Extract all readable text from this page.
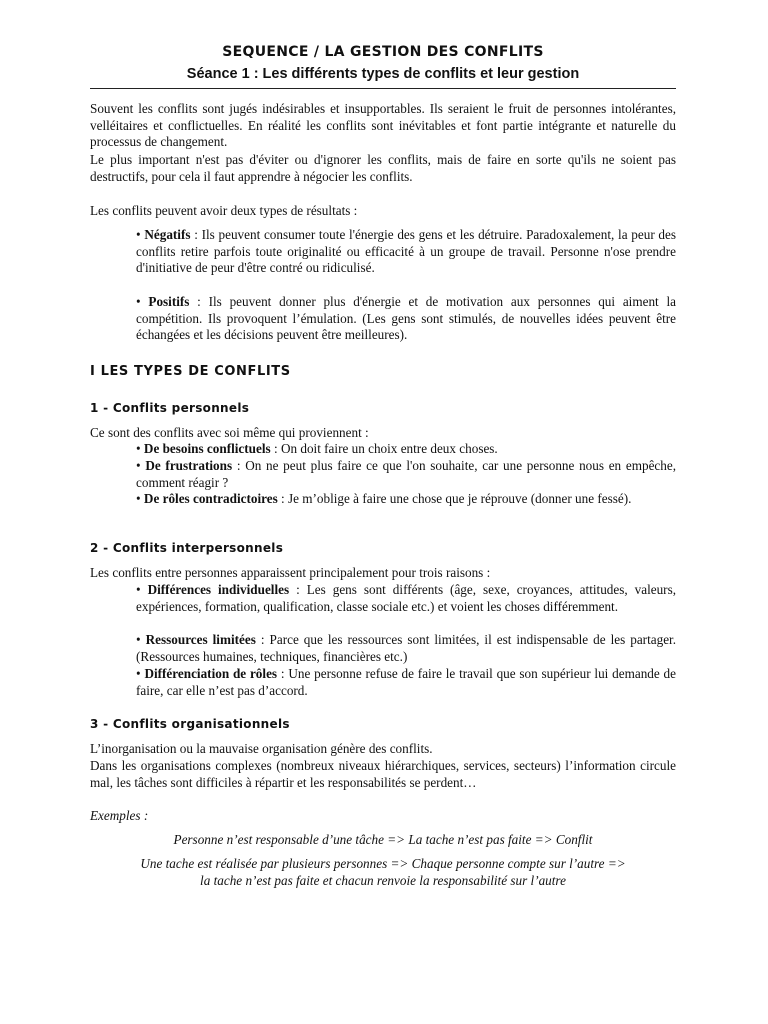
SEQUENCE / LA GESTION DES CONFLITS
Séance 1 : Les différents types de conflits et leur gestion
Souvent les conflits sont jugés indésirables et insupportables. Ils seraient le fruit de personnes intolérantes, velléitaires et conflictuelles. En réalité les conflits sont inévitables et font partie intégrante et naturelle du processus de changement.
Le plus important n'est pas d'éviter ou d'ignorer les conflits, mais de faire en sorte qu'ils ne soient pas destructifs, pour cela il faut apprendre à négocier les conflits.
Les conflits peuvent avoir deux types de résultats :
• Négatifs : Ils peuvent consumer toute l'énergie des gens et les détruire. Paradoxalement, la peur des conflits retire parfois toute originalité ou efficacité à un groupe de travail. Personne n'ose prendre d'initiative de peur d'être contré ou ridiculisé.
• Positifs : Ils peuvent donner plus d'énergie et de motivation aux personnes qui aiment la compétition. Ils provoquent l’émulation. (Les gens sont stimulés, de nouvelles idées peuvent être échangées et les décisions peuvent être meilleures).
I LES TYPES DE CONFLITS
1 - Conflits personnels
Ce sont des conflits avec soi même qui proviennent :
• De besoins conflictuels : On doit faire un choix entre deux choses.
• De frustrations : On ne peut plus faire ce que l'on souhaite, car une personne nous en empêche, comment réagir ?
• De rôles contradictoires : Je m’oblige à faire une chose que je réprouve (donner une fessé).
2 - Conflits interpersonnels
Les conflits entre personnes apparaissent principalement pour trois raisons :
• Différences individuelles : Les gens sont différents (âge, sexe, croyances, attitudes, valeurs, expériences, formation, qualification, classe sociale etc.) et voient les choses différemment.
• Ressources limitées : Parce que les ressources sont limitées, il est indispensable de les partager. (Ressources humaines, techniques, financières etc.)
• Différenciation de rôles : Une personne refuse de faire le travail que son supérieur lui demande de faire, car elle n’est pas d’accord.
3 - Conflits organisationnels
L’inorganisation ou la mauvaise organisation génère des conflits.
Dans les organisations complexes (nombreux niveaux hiérarchiques, services, secteurs) l’information circule mal, les tâches sont difficiles à répartir et les responsabilités se perdent…
Exemples :
Personne n’est responsable d’une tâche => La tache n’est pas faite => Conflit
Une tache est réalisée par plusieurs personnes => Chaque personne compte sur l’autre =>
la tache n’est pas faite et chacun renvoie la responsabilité sur l’autre
